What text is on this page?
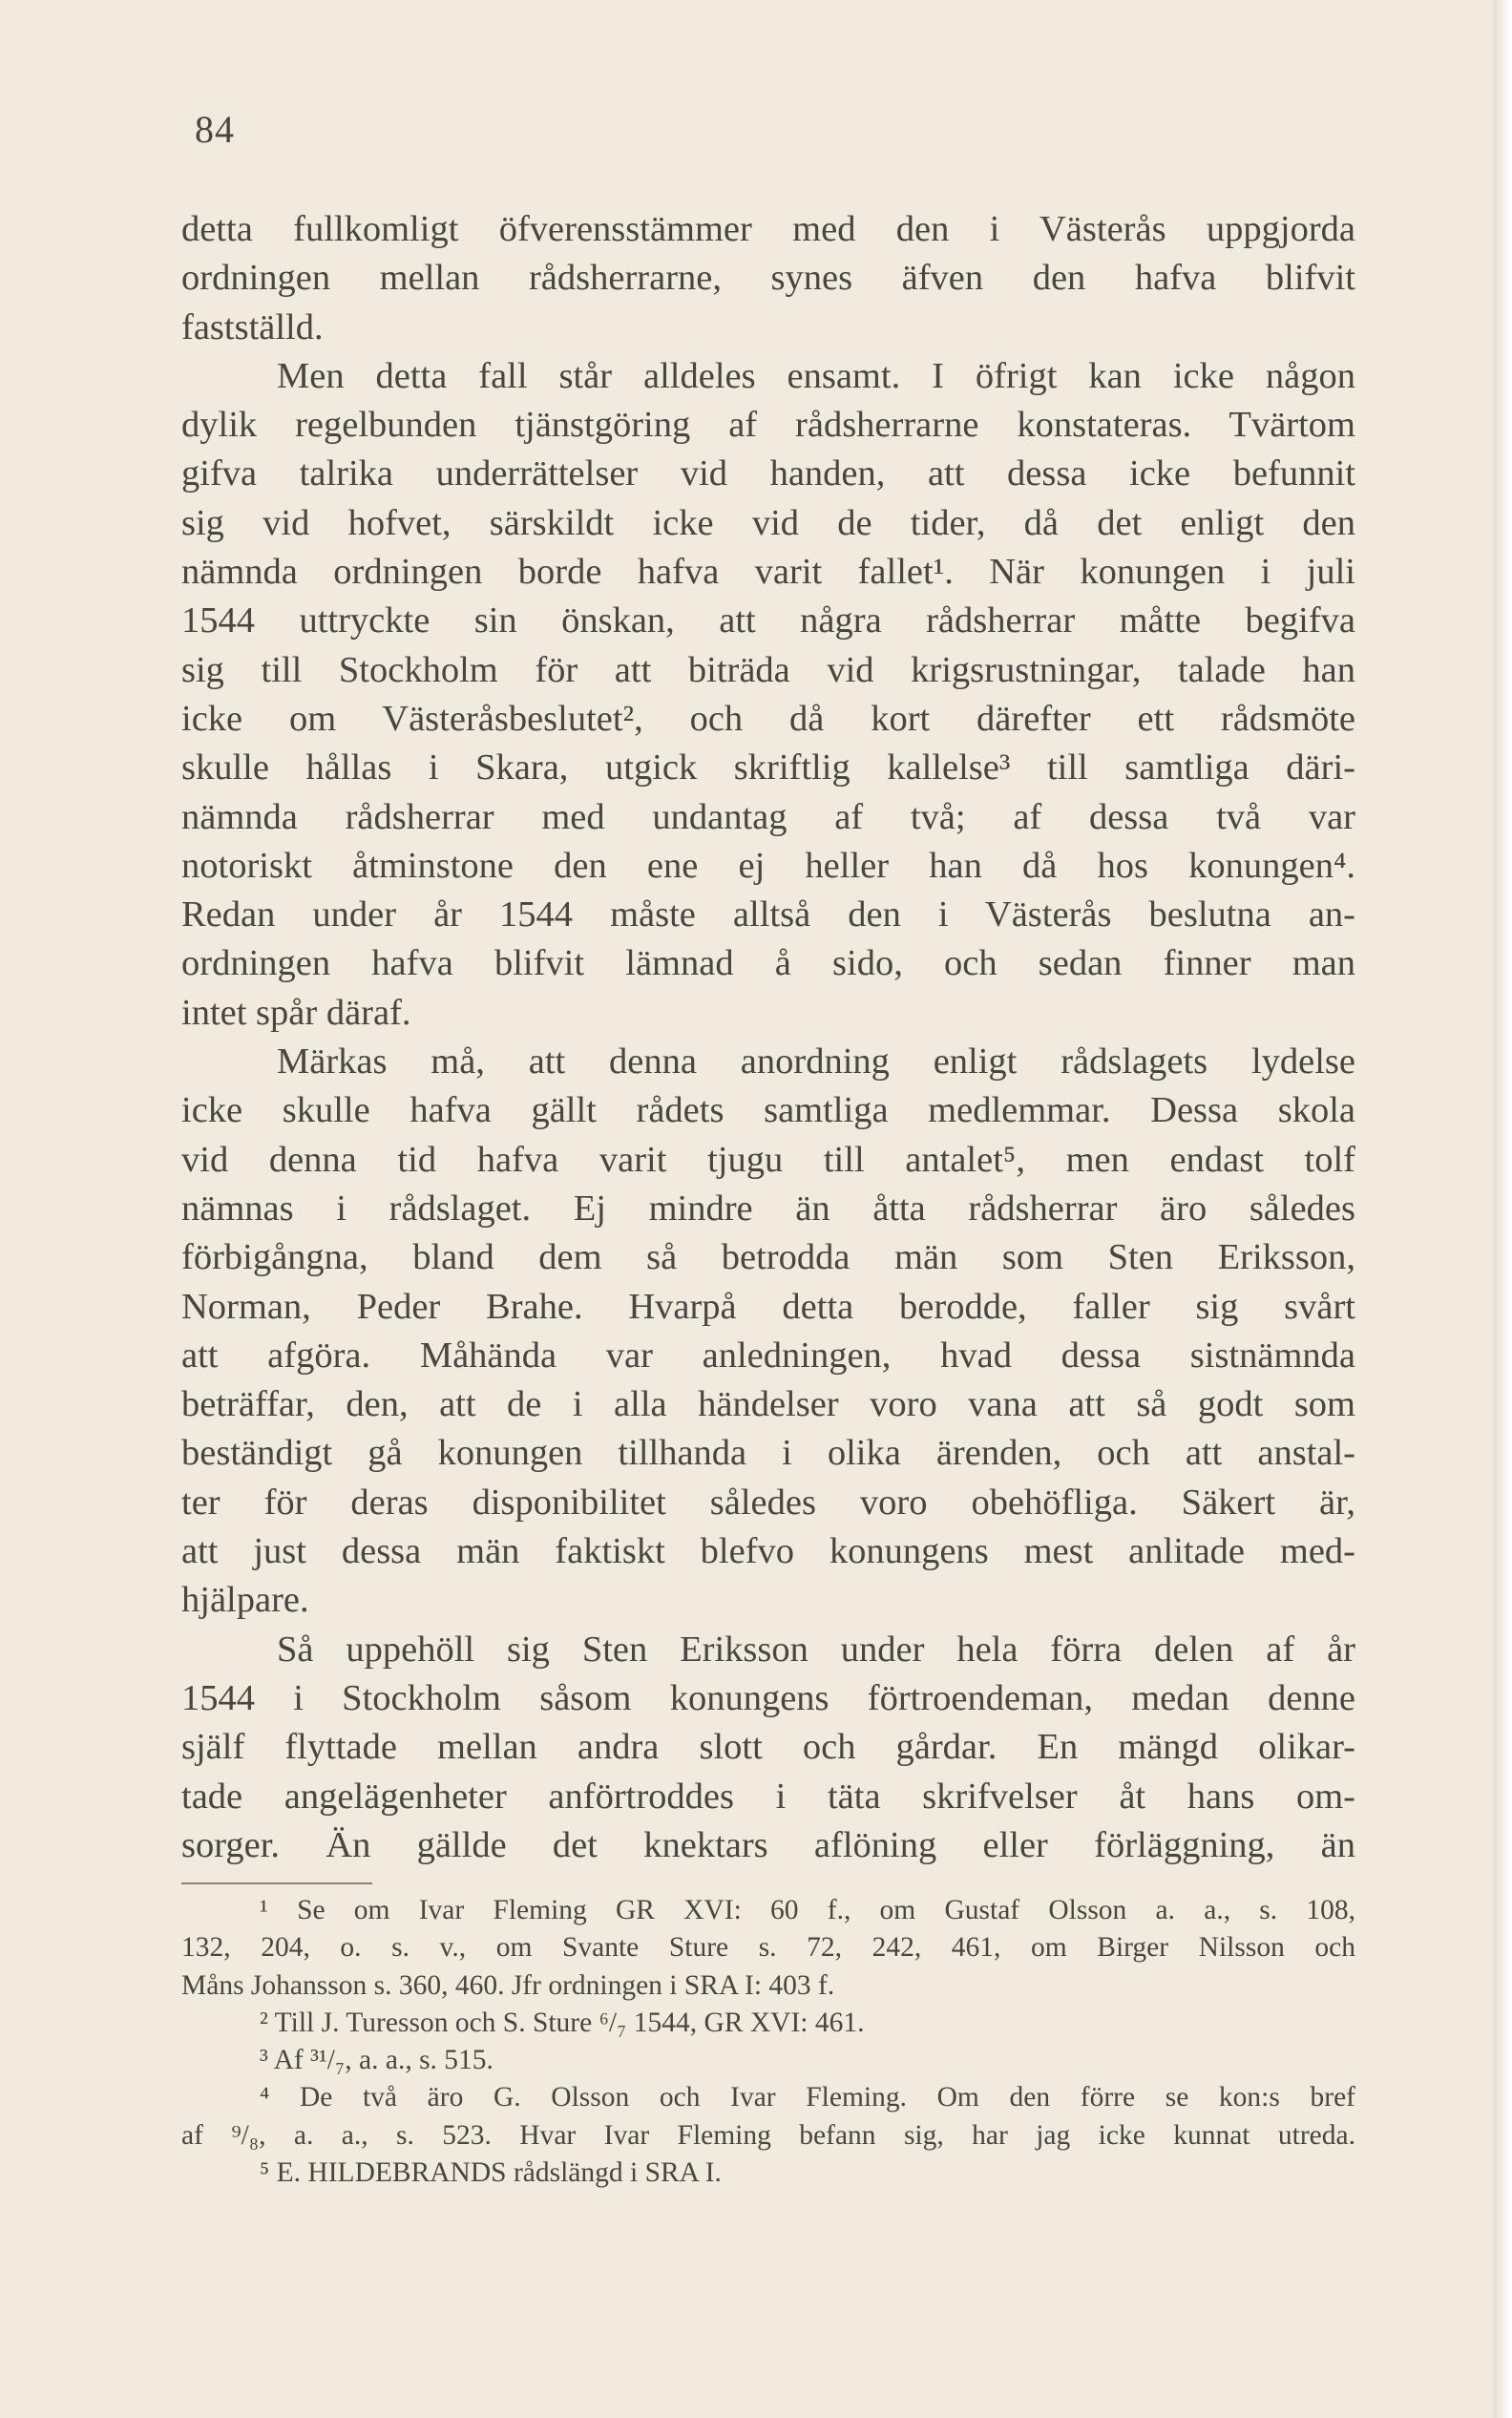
84
detta fullkomligt öfverensstämmer med den i Västerås uppgjorda
ordningen mellan rådsherrarne, synes äfven den hafva blifvit
fastställd.
Men detta fall står alldeles ensamt. I öfrigt kan icke någon
dylik regelbunden tjänstgöring af rådsherrarne konstateras. Tvärtom
gifva talrika underrättelser vid handen, att dessa icke befunnit
sig vid hofvet, särskildt icke vid de tider, då det enligt den
nämnda ordningen borde hafva varit fallet¹. När konungen i juli
1544 uttryckte sin önskan, att några rådsherrar måtte begifva
sig till Stockholm för att biträda vid krigsrustningar, talade han
icke om Västeråsbeslutet², och då kort därefter ett rådsmöte
skulle hållas i Skara, utgick skriftlig kallelse³ till samtliga däri-
nämnda rådsherrar med undantag af två; af dessa två var
notoriskt åtminstone den ene ej heller han då hos konungen⁴.
Redan under år 1544 måste alltså den i Västerås beslutna an-
ordningen hafva blifvit lämnad å sido, och sedan finner man
intet spår däraf.
Märkas må, att denna anordning enligt rådslagets lydelse
icke skulle hafva gällt rådets samtliga medlemmar. Dessa skola
vid denna tid hafva varit tjugu till antalet⁵, men endast tolf
nämnas i rådslaget. Ej mindre än åtta rådsherrar äro således
förbigångna, bland dem så betrodda män som Sten Eriksson,
Norman, Peder Brahe. Hvarpå detta berodde, faller sig svårt
att afgöra. Måhända var anledningen, hvad dessa sistnämnda
beträffar, den, att de i alla händelser voro vana att så godt som
beständigt gå konungen tillhanda i olika ärenden, och att anstal-
ter för deras disponibilitet således voro obehöfliga. Säkert är,
att just dessa män faktiskt blefvo konungens mest anlitade med-
hjälpare.
Så uppehöll sig Sten Eriksson under hela förra delen af år
1544 i Stockholm såsom konungens förtroendeman, medan denne
själf flyttade mellan andra slott och gårdar. En mängd olikar-
tade angelägenheter anförtroddes i täta skrifvelser åt hans om-
sorger. Än gällde det knektars aflöning eller förläggning, än
¹ Se om Ivar Fleming GR XVI: 60 f., om Gustaf Olsson a. a., s. 108,
132, 204, o. s. v., om Svante Sture s. 72, 242, 461, om Birger Nilsson och
Måns Johansson s. 360, 460. Jfr ordningen i SRA I: 403 f.
² Till J. Turesson och S. Sture ⁶/₇ 1544, GR XVI: 461.
³ Af ³¹/₇, a. a., s. 515.
⁴ De två äro G. Olsson och Ivar Fleming. Om den förre se kon:s bref
af ⁹/₈, a. a., s. 523. Hvar Ivar Fleming befann sig, har jag icke kunnat utreda.
⁵ E. HILDEBRANDS rådslängd i SRA I.
